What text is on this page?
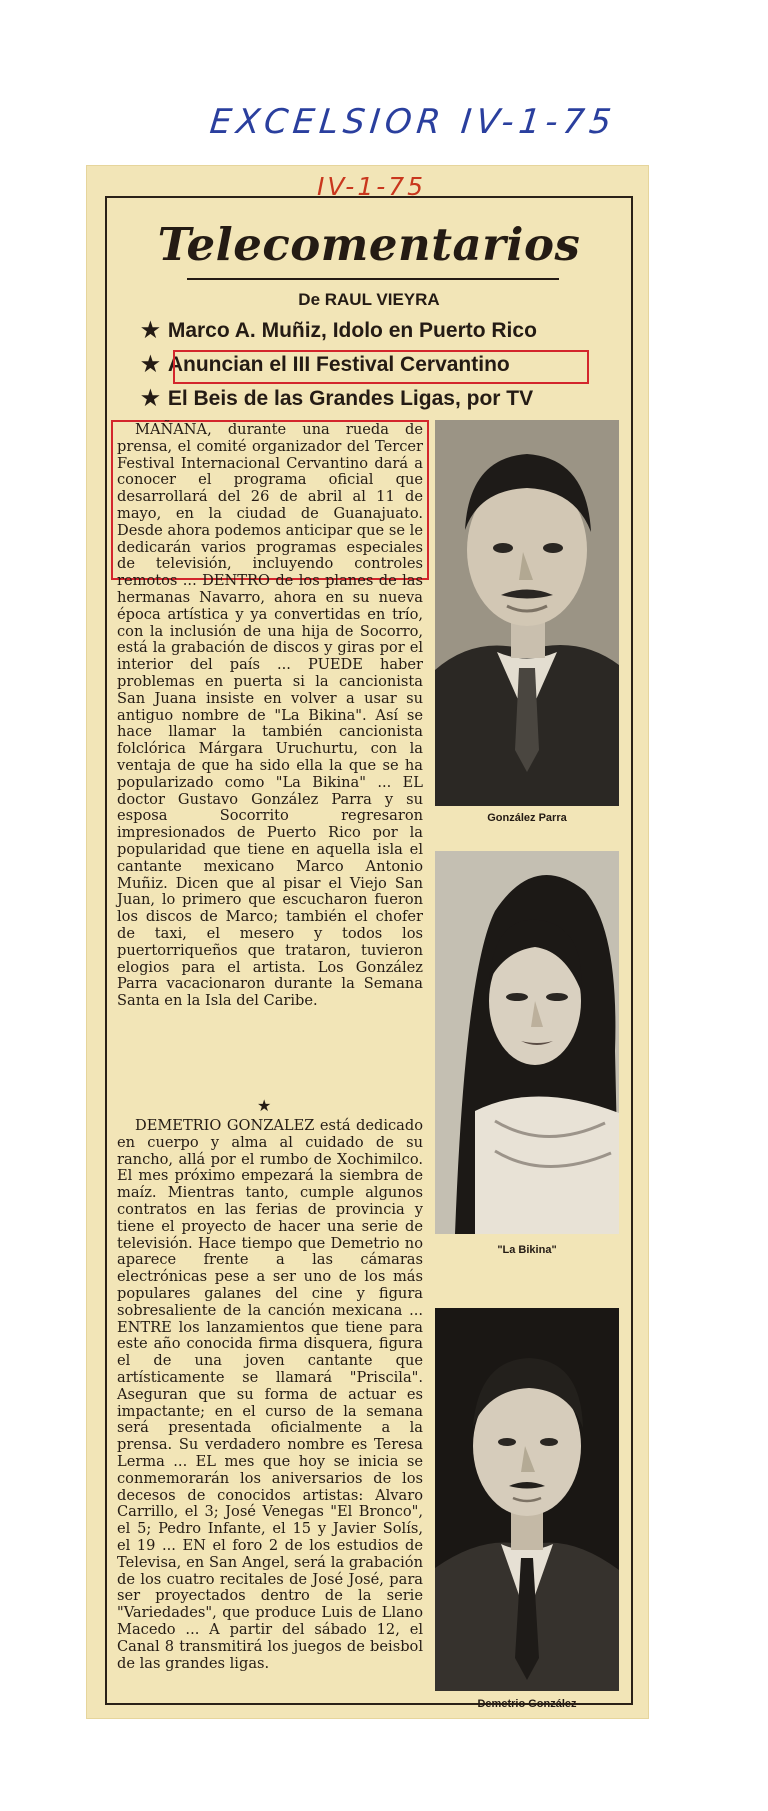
EXCELSIOR IV-1-75
IV-1-75
Telecomentarios
De RAUL VIEYRA
★ Marco A. Muñiz, Idolo en Puerto Rico
★ Anuncian el III Festival Cervantino
★ El Beis de las Grandes Ligas, por TV
MAÑANA, durante una rueda de prensa, el comité organizador del Tercer Festival Internacional Cervantino dará a conocer el programa oficial que desarrollará del 26 de abril al 11 de mayo, en la ciudad de Guanajuato. Desde ahora podemos anticipar que se le dedicarán varios programas especiales de televisión, incluyendo controles remotos ... DENTRO de los planes de las hermanas Navarro, ahora en su nueva época artística y ya convertidas en trío, con la inclusión de una hija de Socorro, está la grabación de discos y giras por el interior del país ... PUEDE haber problemas en puerta si la cancionista San Juana insiste en volver a usar su antiguo nombre de "La Bikina". Así se hace llamar la también cancionista folclórica Márgara Uruchurtu, con la ventaja de que ha sido ella la que se ha popularizado como "La Bikina" ... EL doctor Gustavo González Parra y su esposa Socorrito regresaron impresionados de Puerto Rico por la popularidad que tiene en aquella isla el cantante mexicano Marco Antonio Muñiz. Dicen que al pisar el Viejo San Juan, lo primero que escucharon fueron los discos de Marco; también el chofer de taxi, el mesero y todos los puertorriqueños que trataron, tuvieron elogios para el artista. Los González Parra vacacionaron durante la Semana Santa en la Isla del Caribe.
★
DEMETRIO GONZALEZ está dedicado en cuerpo y alma al cuidado de su rancho, allá por el rumbo de Xochimilco. El mes próximo empezará la siembra de maíz. Mientras tanto, cumple algunos contratos en las ferias de provincia y tiene el proyecto de hacer una serie de televisión. Hace tiempo que Demetrio no aparece frente a las cámaras electrónicas pese a ser uno de los más populares galanes del cine y figura sobresaliente de la canción mexicana ... ENTRE los lanzamientos que tiene para este año conocida firma disquera, figura el de una joven cantante que artísticamente se llamará "Priscila". Aseguran que su forma de actuar es impactante; en el curso de la semana será presentada oficialmente a la prensa. Su verdadero nombre es Teresa Lerma ... EL mes que hoy se inicia se conmemorarán los aniversarios de los decesos de conocidos artistas: Alvaro Carrillo, el 3; José Venegas "El Bronco", el 5; Pedro Infante, el 15 y Javier Solís, el 19 ... EN el foro 2 de los estudios de Televisa, en San Angel, será la grabación de los cuatro recitales de José José, para ser proyectados dentro de la serie "Variedades", que produce Luis de Llano Macedo ... A partir del sábado 12, el Canal 8 transmitirá los juegos de beisbol de las grandes ligas.
González Parra
"La Bikina"
Demetrio González
